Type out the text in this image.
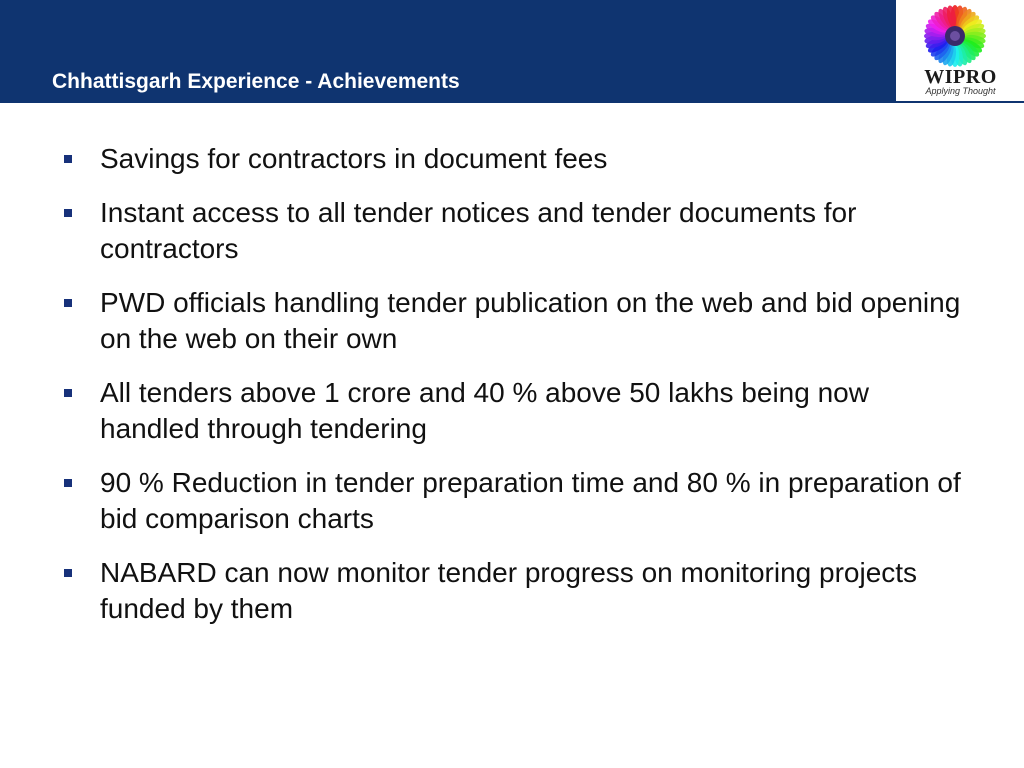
Chhattisgarh Experience - Achievements	WIPRO
Applying Thought
Savings for contractors in document fees
Instant access to all tender notices and tender documents for contractors
PWD officials handling tender publication on the web and bid opening on the web on their own
All tenders above 1 crore and 40 % above 50 lakhs being now handled through tendering
90 % Reduction in tender preparation time and 80 % in preparation of bid comparison charts
NABARD can now monitor tender progress on monitoring projects funded by them
